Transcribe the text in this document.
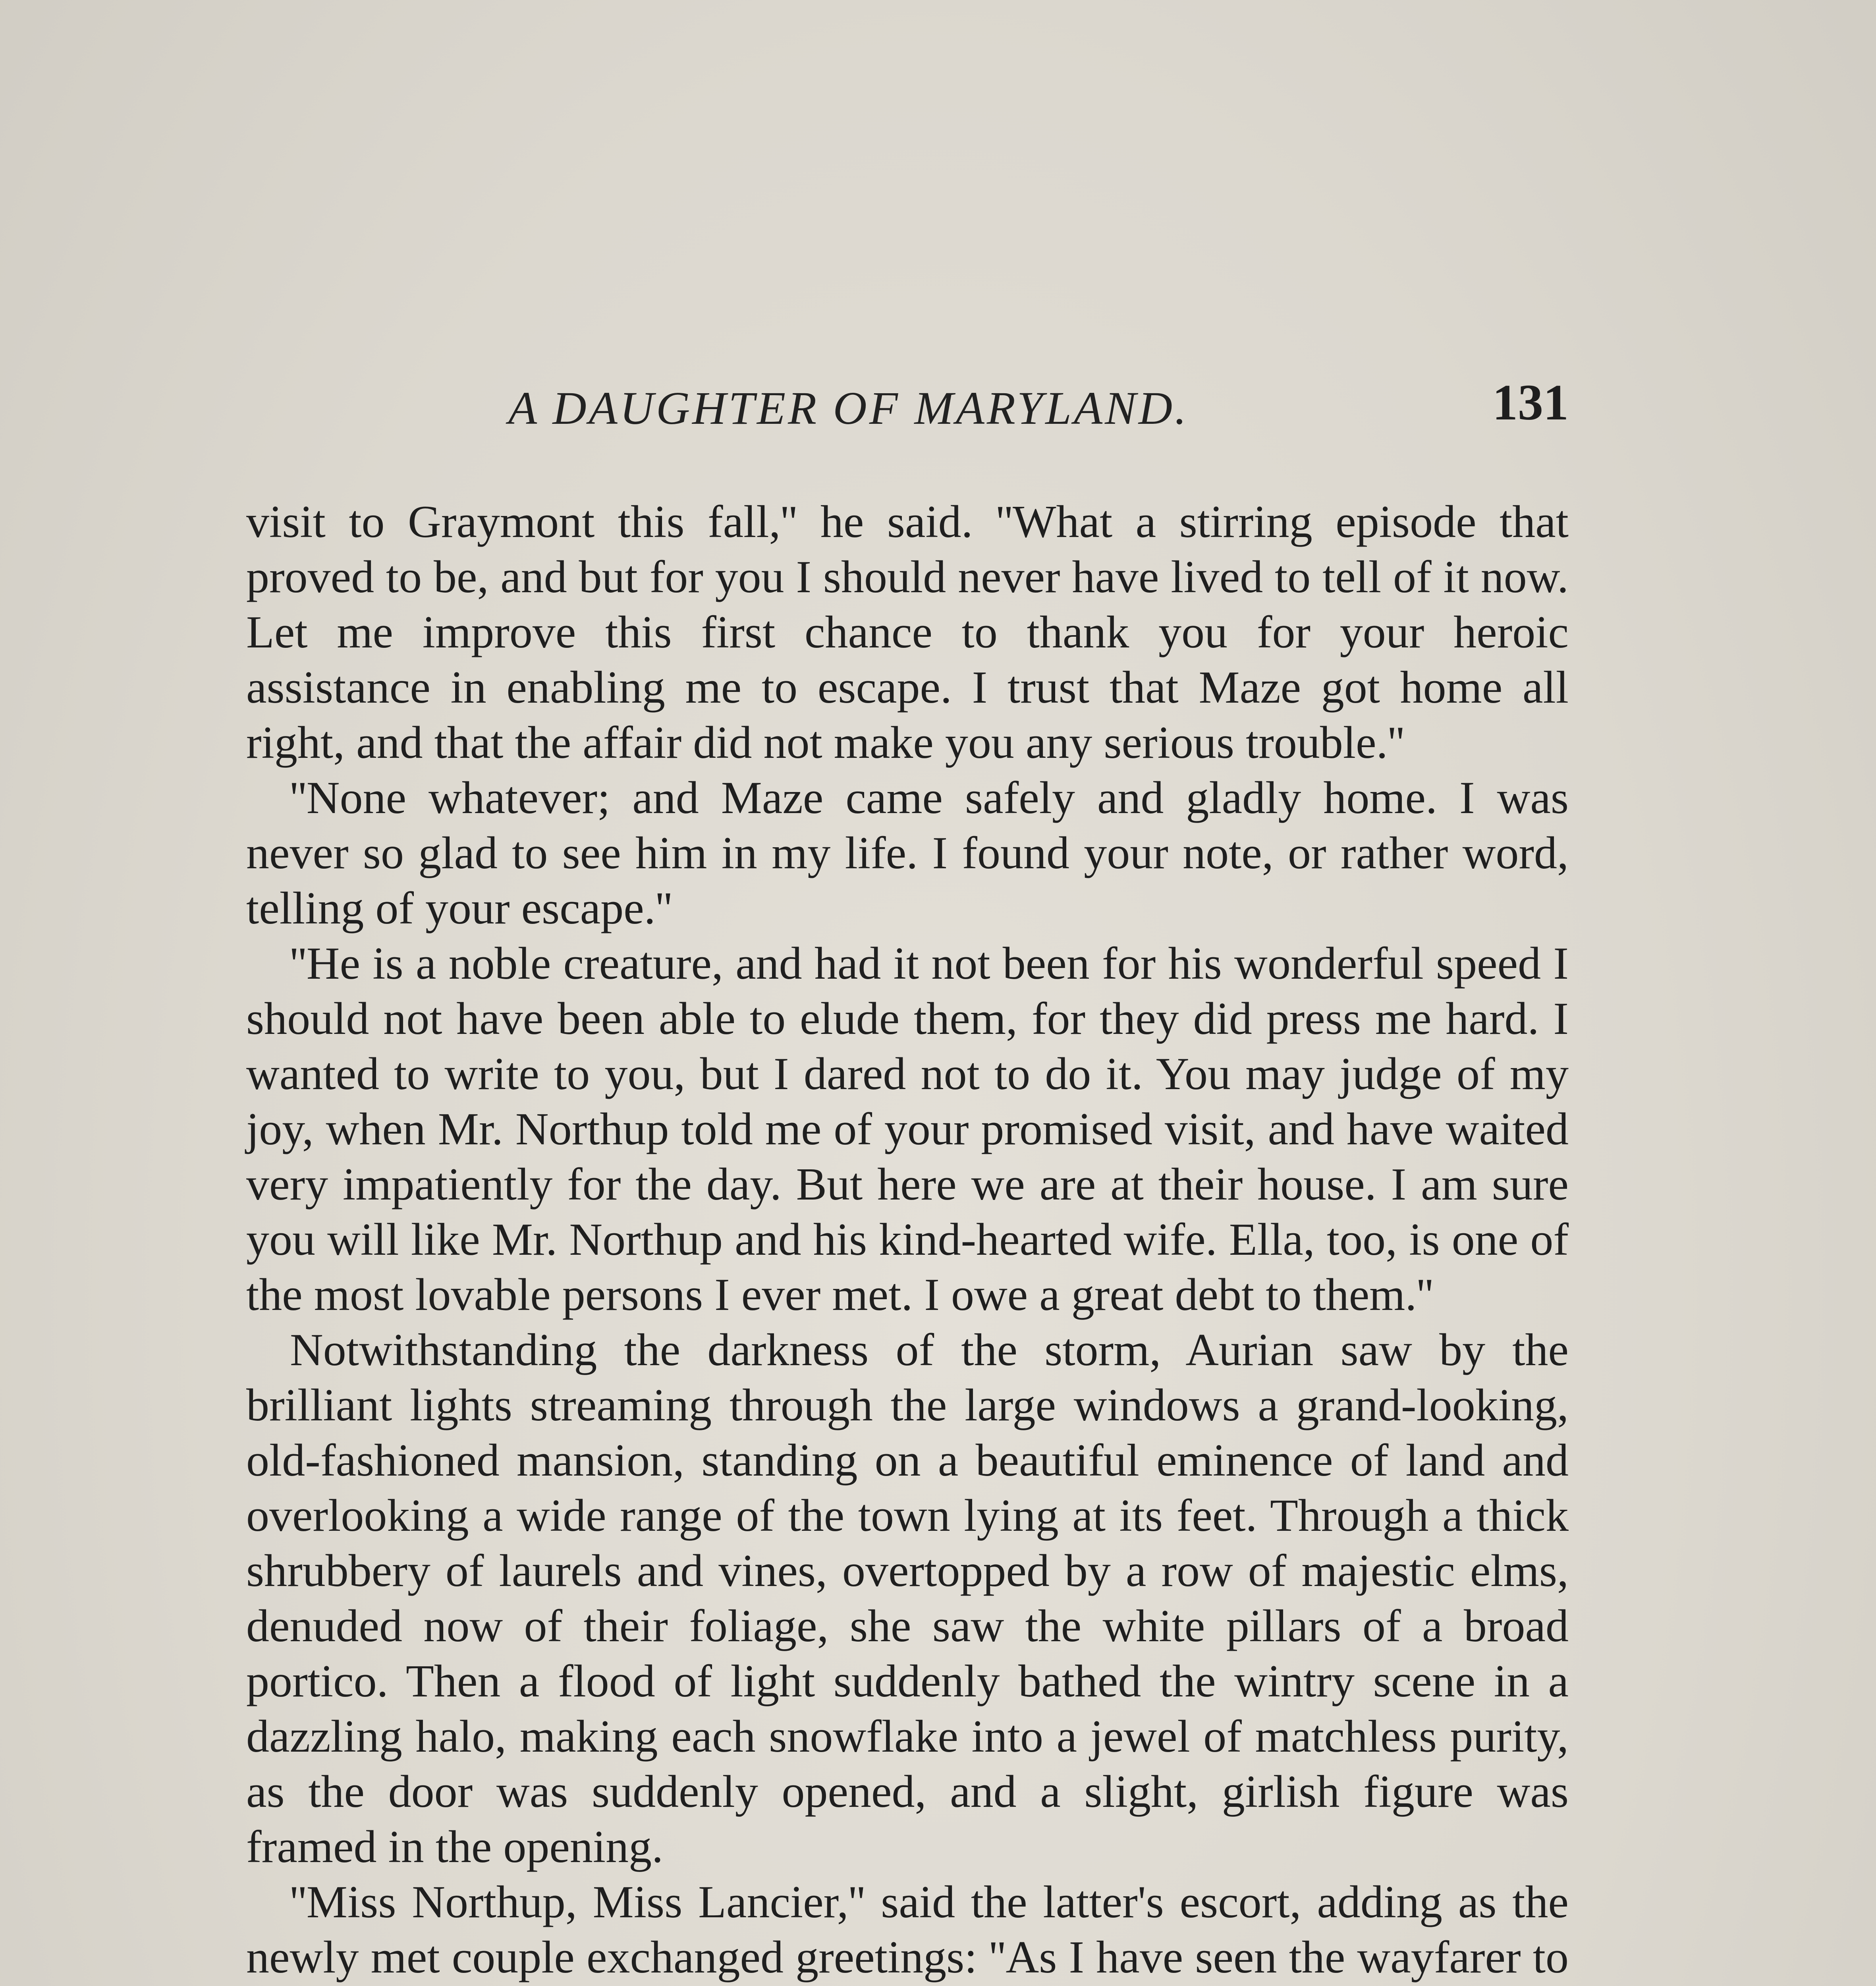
A DAUGHTER OF MARYLAND.	131

visit to Graymont this fall,'' he said. ''What a stirring episode that proved to be, and but for you I should never have lived to tell of it now. Let me improve this first chance to thank you for your heroic assistance in enabling me to escape. I trust that Maze got home all right, and that the affair did not make you any serious trouble.''

''None whatever; and Maze came safely and gladly home. I was never so glad to see him in my life. I found your note, or rather word, telling of your escape.''

''He is a noble creature, and had it not been for his wonderful speed I should not have been able to elude them, for they did press me hard. I wanted to write to you, but I dared not to do it. You may judge of my joy, when Mr. Northup told me of your promised visit, and have waited very impatiently for the day. But here we are at their house. I am sure you will like Mr. Northup and his kind-hearted wife. Ella, too, is one of the most lovable persons I ever met. I owe a great debt to them.''

Notwithstanding the darkness of the storm, Aurian saw by the brilliant lights streaming through the large windows a grand-looking, old-fashioned mansion, standing on a beautiful eminence of land and overlooking a wide range of the town lying at its feet. Through a thick shrubbery of laurels and vines, overtopped by a row of majestic elms, denuded now of their foliage, she saw the white pillars of a broad portico. Then a flood of light suddenly bathed the wintry scene in a dazzling halo, making each snowflake into a jewel of matchless purity, as the door was suddenly opened, and a slight, girlish figure was framed in the opening.

''Miss Northup, Miss Lancier,'' said the latter's escort, adding as the newly met couple exchanged greetings: ''As I have seen the wayfarer to
